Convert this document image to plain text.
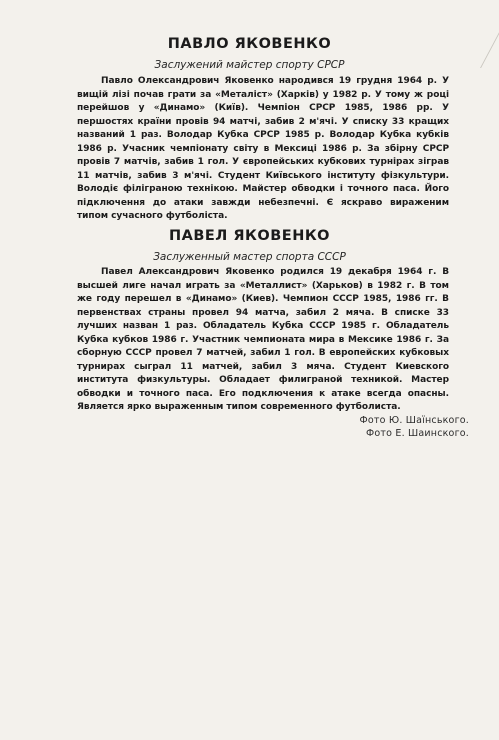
ПАВЛО ЯКОВЕНКО

Заслужений майстер спорту СРСР

Павло Олександрович Яковенко народився 19 грудня 1964 р. У вищій лізі почав грати за «Металіст» (Харків) у 1982 р. У тому ж році перейшов у «Динамо» (Київ). Чемпіон СРСР 1985, 1986 рр. У першостях країни провів 94 матчі, забив 2 м'ячі. У списку 33 кращих названий 1 раз. Володар Кубка СРСР 1985 р. Володар Кубка кубків 1986 р. Учасник чемпіонату світу в Мексиці 1986 р. За збірну СРСР провів 7 матчів, забив 1 гол. У європейських кубкових турнірах зіграв 11 матчів, забив 3 м'ячі. Студент Київського інституту фізкультури. Володіє філіграною технікою. Майстер обводки і точного паса. Його підключення до атаки завжди небезпечні. Є яскраво вираженим типом сучасного футболіста.

ПАВЕЛ ЯКОВЕНКО

Заслуженный мастер спорта СССР

Павел Александрович Яковенко родился 19 декабря 1964 г. В высшей лиге начал играть за «Металлист» (Харьков) в 1982 г. В том же году перешел в «Динамо» (Киев). Чемпион СССР 1985, 1986 гг. В первенствах страны провел 94 матча, забил 2 мяча. В списке 33 лучших назван 1 раз. Обладатель Кубка СССР 1985 г. Обладатель Кубка кубков 1986 г. Участник чемпионата мира в Мексике 1986 г. За сборную СССР провел 7 матчей, забил 1 гол. В европейских кубковых турнирах сыграл 11 матчей, забил 3 мяча. Студент Киевского института физкультуры. Обладает филиграной техникой. Мастер обводки и точного паса. Его подключения к атаке всегда опасны. Является ярко выраженным типом современного футболиста.

Фото Ю. Шаїнського.
Фото Е. Шаинского.
